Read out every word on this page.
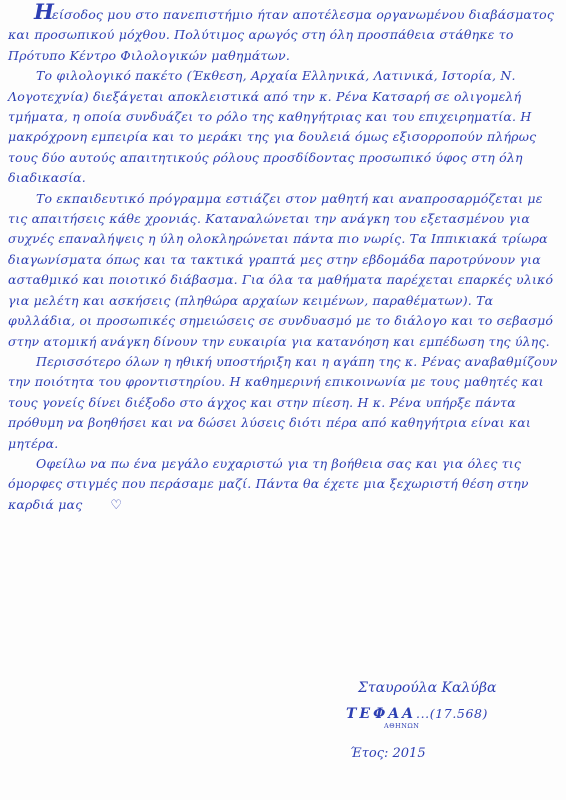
Ηείσοδος μου στο πανεπιστήμιο ήταν αποτέλεσμα οργανωμένου διαβάσματος και προσωπικού μόχθου. Πολύτιμος αρωγός στη όλη προσπάθεια στάθηκε το Πρότυπο Κέντρο Φιλολογικών μαθημάτων.

Το φιλολογικό πακέτο (Έκθεση, Αρχαία Ελληνικά, Λατινικά, Ιστορία, Ν. Λογοτεχνία) διεξάγεται αποκλειστικά από την κ. Ρένα Κατσαρή σε ολιγομελή τμήματα, η οποία συνδυάζει το ρόλο της καθηγήτριας και του επιχειρηματία. Η μακρόχρονη εμπειρία και το μεράκι της για δουλειά όμως εξισορροπούν πλήρως τους δύο αυτούς απαιτητικούς ρόλους προσδίδοντας προσωπικό ύφος στη όλη διαδικασία.

Το εκπαιδευτικό πρόγραμμα εστιάζει στον μαθητή και αναπροσαρμόζεται με τις απαιτήσεις κάθε χρονιάς. Καταναλώνεται την ανάγκη του εξετασμένου για συχνές επαναλήψεις η ύλη ολοκληρώνεται πάντα πιο νωρίς. Τα Ιππικιακά τρίωρα διαγωνίσματα όπως και τα τακτικά γραπτά μες στην εβδομάδα παροτρύνουν για ασταθμικό και ποιοτικό διάβασμα. Για όλα τα μαθήματα παρέχεται επαρκές υλικό για μελέτη και ασκήσεις (πληθώρα αρχαίων κειμένων, παραθέματων). Τα φυλλάδια, οι προσωπικές σημειώσεις σε συνδυασμό με το διάλογο και το σεβασμό στην ατομική ανάγκη δίνουν την ευκαιρία για κατανόηση και εμπέδωση της ύλης.

Περισσότερο όλων η ηθική υποστήριξη και η αγάπη της κ. Ρένας αναβαθμίζουν την ποιότητα του φροντιστηρίου. Η καθημερινή επικοινωνία με τους μαθητές και τους γονείς δίνει διέξοδο στο άγχος και στην πίεση. Η κ. Ρένα υπήρξε πάντα πρόθυμη να βοηθήσει και να δώσει λύσεις διότι πέρα από καθηγήτρια είναι και μητέρα.

Οφείλω να πω ένα μεγάλο ευχαριστώ για τη βοήθεια σας και για όλες τις όμορφες στιγμές που περάσαμε μαζί. Πάντα θα έχετε μια ξεχωριστή θέση στην καρδιά μας ♡

Σταυρούλα Καλύβα
ΤΕΦΑΑ...(17.568)
ΑΘΗΝΩΝ
Έτος: 2015
